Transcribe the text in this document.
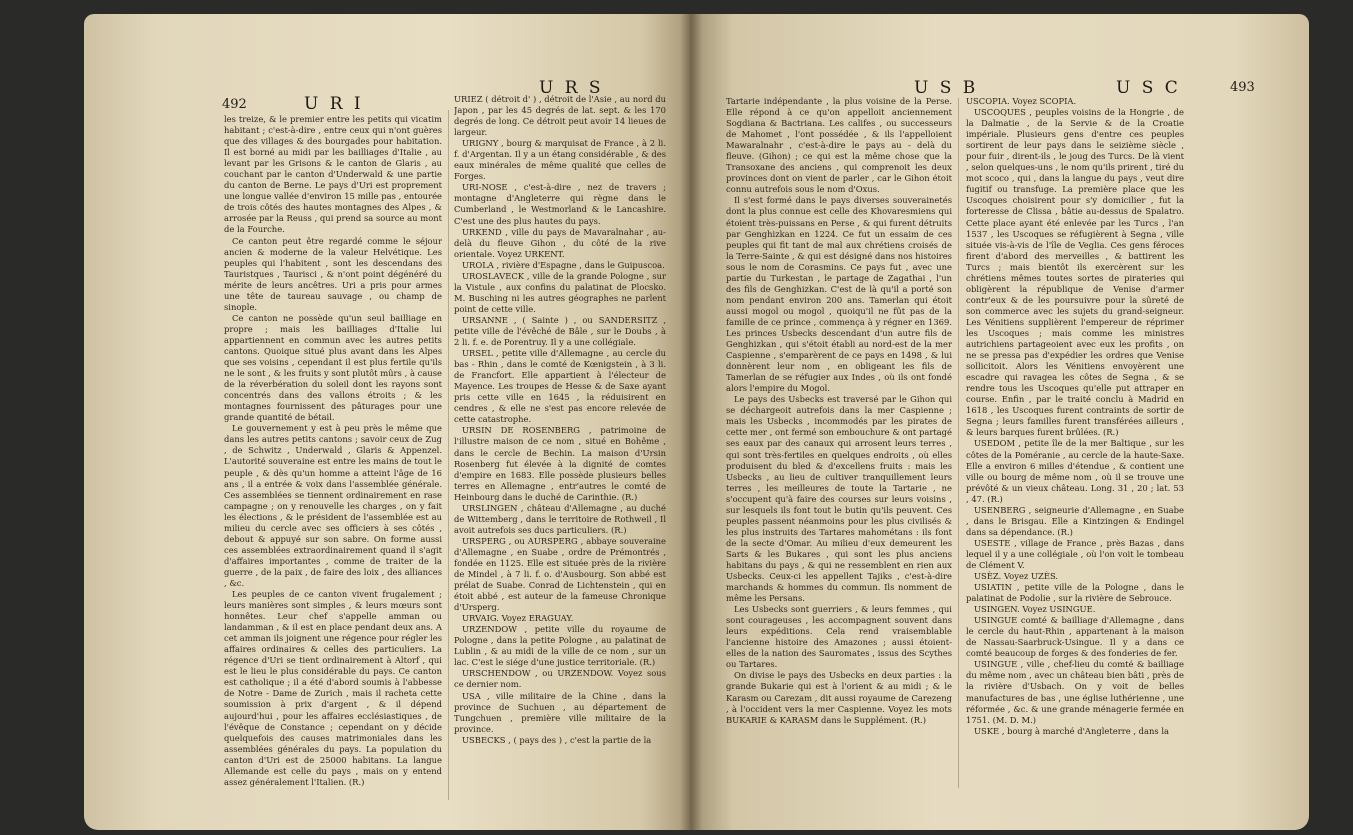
492	U R I
U R S

les treize, & le premier entre les petits qui vicatim habitant ; c'est-à-dire , entre ceux qui n'ont guères que des villages & des bourgades pour habitation. Il est borné au midi par les bailliages d'Italie , au levant par les Grisons & le canton de Glaris , au couchant par le canton d'Underwald & une partie du canton de Berne. Le pays d'Uri est proprement une longue vallée d'environ 15 mille pas , entourée de trois côtés des hautes montagnes des Alpes , & arrosée par la Reuss , qui prend sa source au mont de la Fourche.

Ce canton peut être regardé comme le séjour ancien & moderne de la valeur Helvétique. Les peuples qui l'habitent , sont les descendans des Tauristques , Taurisci , & n'ont point dégénéré du mérite de leurs ancêtres. Uri a pris pour armes une tête de taureau sauvage , ou champ de sinople.

Ce canton ne possède qu'un seul bailliage en propre ; mais les bailliages d'Italie lui appartiennent en commun avec les autres petits cantons. Quoique situé plus avant dans les Alpes que ses voisins , cependant il est plus fertile qu'ils ne le sont , & les fruits y sont plutôt mûrs , à cause de la réverbération du soleil dont les rayons sont concentrés dans des vallons étroits ; & les montagnes fournissent des pâturages pour une grande quantité de bétail.

Le gouvernement y est à peu près le même que dans les autres petits cantons ; savoir ceux de Zug , de Schwitz , Underwald , Glaris & Appenzel. L'autorité souveraine est entre les mains de tout le peuple , & dès qu'un homme a atteint l'âge de 16 ans , il a entrée & voix dans l'assemblée générale. Ces assemblées se tiennent ordinairement en rase campagne ; on y renouvelle les charges , on y fait les élections , & le président de l'assemblée est au milieu du cercle avec ses officiers à ses côtés , debout & appuyé sur son sabre. On forme aussi ces assemblées extraordinairement quand il s'agit d'affaires importantes , comme de traiter de la guerre , de la paix , de faire des loix , des alliances , &c.

Les peuples de ce canton vivent frugalement ; leurs manières sont simples , & leurs mœurs sont honnêtes. Leur chef s'appelle amman ou landamman , & il est en place pendant deux ans. A cet amman ils joignent une régence pour régler les affaires ordinaires & celles des particuliers. La régence d'Uri se tient ordinairement à Altorf , qui est le lieu le plus considérable du pays. Ce canton est catholique ; il a été d'abord soumis à l'abbesse de Notre - Dame de Zurich , mais il racheta cette soumission à prix d'argent , & il dépend aujourd'hui , pour les affaires ecclésiastiques , de l'évêque de Constance ; cependant on y décide quelquefois des causes matrimoniales dans les assemblées générales du pays. La population du canton d'Uri est de 25000 habitans. La langue Allemande est celle du pays , mais on y entend assez généralement l'Italien. (R.)

URIEZ ( détroit d' ) , détroit de l'Asie , au nord du Japon , par les 45 degrés de lat. sept. & les 170 degrés de long. Ce détroit peut avoir 14 lieues de largeur.

URIGNY , bourg & marquisat de France , à 2 li. f. d'Argentan. Il y a un étang considérable , & des eaux minérales de même qualité que celles de Forges.

URI-NOSE , c'est-à-dire , nez de travers ; montagne d'Angleterre qui règne dans le Cumberland , le Westmorland & le Lancashire. C'est une des plus hautes du pays.

URKEND , ville du pays de Mavaralnahar , au-delà du fleuve Gihon , du côté de la rive orientale. Voyez URKENT.

UROLA , rivière d'Espagne , dans le Guipuscoa.

UROSLAVECK , ville de la grande Pologne , sur la Vistule , aux confins du palatinat de Plocsko. M. Busching ni les autres géographes ne parlent point de cette ville.

URSANNE , ( Sainte ) , ou SANDERSITZ , petite ville de l'évêché de Bâle , sur le Doubs , à 2 li. f. e. de Porentruy. Il y a une collégiale.

URSEL , petite ville d'Allemagne , au cercle du bas - Rhin , dans le comté de Kœnigstein , à 3 li. de Francfort. Elle appartient à l'électeur de Mayence. Les troupes de Hesse & de Saxe ayant pris cette ville en 1645 , la réduisirent en cendres , & elle ne s'est pas encore relevée de cette catastrophe.

URSIN DE ROSENBERG , patrimoine de l'illustre maison de ce nom , situé en Bohême , dans le cercle de Bechin. La maison d'Ursin Rosenberg fut élevée à la dignité de comtes d'empire en 1683. Elle possède plusieurs belles terres en Allemagne , entr'autres le comté de Heinbourg dans le duché de Carinthie. (R.)

URSLINGEN , château d'Allemagne , au duché de Wittemberg , dans le territoire de Rothweil , Il avoit autrefois ses ducs particuliers. (R.)

URSPERG , ou AURSPERG , abbaye souveraine d'Allemagne , en Suabe , ordre de Prémontrés , fondée en 1125. Elle est située près de la rivière de Mindel , à 7 li. f. o. d'Ausbourg. Son abbé est prélat de Suabe. Conrad de Lichtenstein , qui en étoit abbé , est auteur de la fameuse Chronique d'Ursperg.

URVAIG. Voyez ERAGUAY.

URZENDOW , petite ville du royaume de Pologne , dans la petite Pologne , au palatinat de Lublin , & au midi de la ville de ce nom , sur un lac. C'est le siége d'une justice territoriale. (R.)

URSCHENDOW , ou URZENDOW. Voyez sous ce dernier nom.

USA , ville militaire de la Chine , dans la province de Suchuen , au département de Tungchuen , première ville militaire de la province.

USBECKS , ( pays des ) , c'est la partie de la

U S B	U S C	493

Tartarie indépendante , la plus voisine de la Perse. Elle répond à ce qu'on appelloit anciennement Sogdiana & Bactriana. Les califes , ou successeurs de Mahomet , l'ont possédée , & ils l'appelloient Mawaralnahr , c'est-à-dire le pays au - delà du fleuve. (Gihon) ; ce qui est la même chose que la Transoxane des anciens , qui comprenoit les deux provinces dont on vient de parler , car le Gihon étoit connu autrefois sous le nom d'Oxus.

Il s'est formé dans le pays diverses souverainetés dont la plus connue est celle des Khovaresmiens qui étoient très-puissans en Perse , & qui furent détruits par Genghizkan en 1224. Ce fut un essaim de ces peuples qui fit tant de mal aux chrétiens croisés de la Terre-Sainte , & qui est désigné dans nos histoires sous le nom de Corasmins. Ce pays fut , avec une partie du Turkestan , le partage de Zagathai , l'un des fils de Genghizkan. C'est de là qu'il a porté son nom pendant environ 200 ans. Tamerlan qui étoit aussi mogol ou mogol , quoiqu'il ne fût pas de la famille de ce prince , commença à y régner en 1369. Les princes Usbecks descendant d'un autre fils de Genghizkan , qui s'étoit établi au nord-est de la mer Caspienne , s'emparèrent de ce pays en 1498 , & lui donnèrent leur nom , en obligeant les fils de Tamerlan de se réfugier aux Indes , où ils ont fondé alors l'empire du Mogol.

Le pays des Usbecks est traversé par le Gihon qui se déchargeoit autrefois dans la mer Caspienne ; mais les Usbecks , incommodés par les pirates de cette mer , ont fermé son embouchure & ont partagé ses eaux par des canaux qui arrosent leurs terres , qui sont très-fertiles en quelques endroits , où elles produisent du bled & d'excellens fruits : mais les Usbecks , au lieu de cultiver tranquillement leurs terres , les meilleures de toute la Tartarie , ne s'occupent qu'à faire des courses sur leurs voisins , sur lesquels ils font tout le butin qu'ils peuvent. Ces peuples passent néanmoins pour les plus civilisés & les plus instruits des Tartares mahométans : ils font de la secte d'Omar. Au milieu d'eux demeurent les Sarts & les Bukares , qui sont les plus anciens habitans du pays , & qui ne ressemblent en rien aux Usbecks. Ceux-ci les appellent Tajiks , c'est-à-dire marchands & hommes du commun. Ils nomment de même les Persans.

Les Usbecks sont guerriers , & leurs femmes , qui sont courageuses , les accompagnent souvent dans leurs expéditions. Cela rend vraisemblable l'ancienne histoire des Amazones ; aussi étoient-elles de la nation des Sauromates , issus des Scythes ou Tartares.

On divise le pays des Usbecks en deux parties : la grande Bukarie qui est à l'orient & au midi ; & le Karasm ou Carezam , dit aussi royaume de Carezeng , à l'occident vers la mer Caspienne. Voyez les mots BUKARIE & KARASM dans le Supplément. (R.)

USCOPIA. Voyez SCOPIA.

USCOQUES , peuples voisins de la Hongrie , de la Dalmatie , de la Servie & de la Croatie impériale. Plusieurs gens d'entre ces peuples sortirent de leur pays dans le seizième siècle , pour fuir , dirent-ils , le joug des Turcs. De là vient , selon quelques-uns , le nom qu'ils prirent , tiré du mot scoco , qui , dans la langue du pays , veut dire fugitif ou transfuge. La première place que les Uscoques choisirent pour s'y domicilier , fut la forteresse de Clissa , bâtie au-dessus de Spalatro. Cette place ayant été enlevée par les Turcs , l'an 1537 , les Uscoques se réfugièrent à Segna , ville située vis-à-vis de l'île de Veglia. Ces gens féroces firent d'abord des merveilles , & battirent les Turcs ; mais bientôt ils exercèrent sur les chrétiens mêmes toutes sortes de pirateries qui obligèrent la république de Venise d'armer contr'eux & de les poursuivre pour la sûreté de son commerce avec les sujets du grand-seigneur. Les Vénitiens supplièrent l'empereur de réprimer les Uscoques ; mais comme les ministres autrichiens partageoient avec eux les profits , on ne se pressa pas d'expédier les ordres que Venise sollicitoit. Alors les Vénitiens envoyèrent une escadre qui ravagea les côtes de Segna , & se rendre tous les Uscoques qu'elle put attraper en course. Enfin , par le traité conclu à Madrid en 1618 , les Uscoques furent contraints de sortir de Segna ; leurs familles furent transférées ailleurs , & leurs barques furent brûlées. (R.)

USEDOM , petite île de la mer Baltique , sur les côtes de la Poméranie , au cercle de la haute-Saxe. Elle a environ 6 milles d'étendue , & contient une ville ou bourg de même nom , où il se trouve une prévôté & un vieux château. Long. 31 , 20 ; lat. 53 , 47. (R.)

USENBERG , seigneurie d'Allemagne , en Suabe , dans le Brisgau. Elle a Kintzingen & Endingel dans sa dépendance. (R.)

USESTE , village de France , près Bazas , dans lequel il y a une collégiale , où l'on voit le tombeau de Clément V.

USÈZ. Voyez UZÈS.

USIATIN , petite ville de la Pologne , dans le palatinat de Podolie , sur la rivière de Sebrouce.

USINGEN. Voyez USINGUE.

USINGUE comté & bailliage d'Allemagne , dans le cercle du haut-Rhin , appartenant à la maison de Nassau-Saarbruck-Usingue. Il y a dans ce comté beaucoup de forges & des fonderies de fer.

USINGUE , ville , chef-lieu du comté & bailliage du même nom , avec un château bien bâti , près de la rivière d'Usbach. On y voit de belles manufactures de bas , une église luthérienne , une réformée , &c. & une grande ménagerie fermée en 1751. (M. D. M.)

USKE , bourg à marché d'Angleterre , dans la
